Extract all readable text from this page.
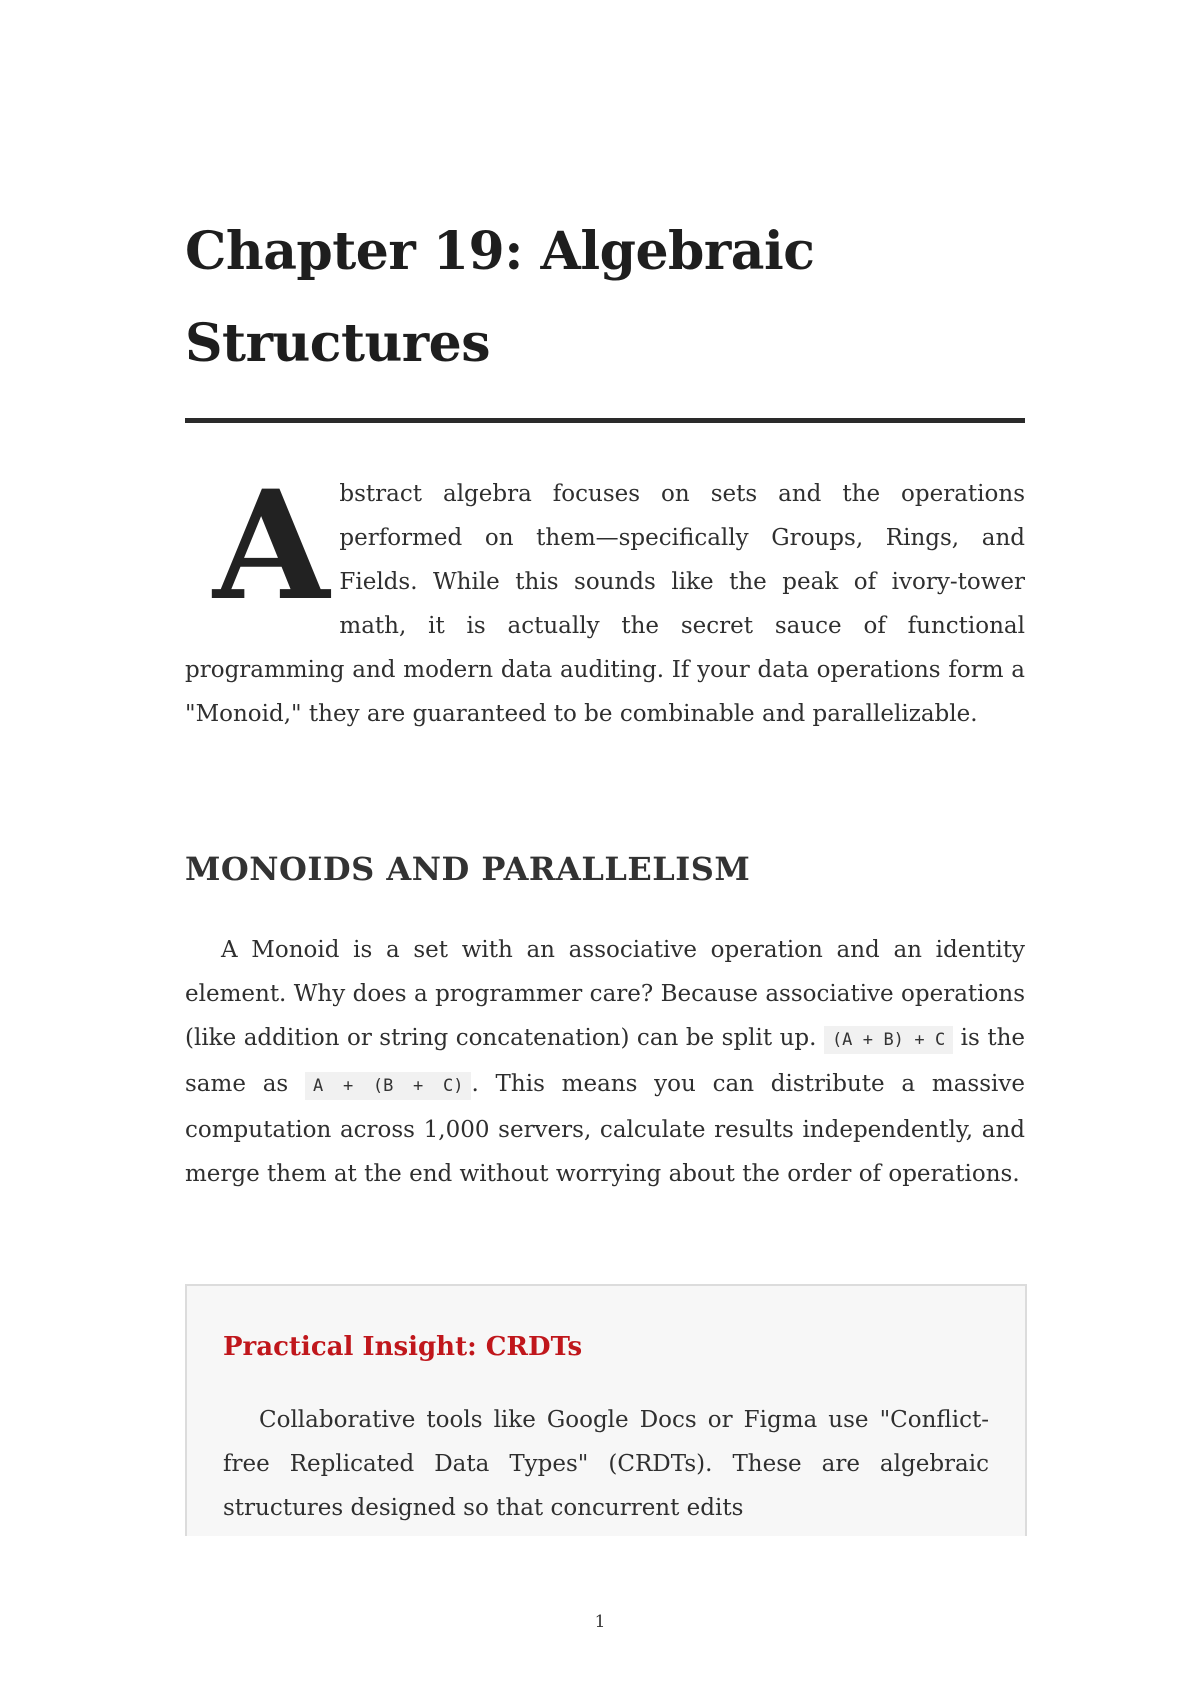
Chapter 19: Algebraic
Structures

Abstract algebra focuses on sets and the operations performed on them—specifically Groups, Rings, and Fields. While this sounds like the peak of ivory-tower math, it is actually the secret sauce of functional programming and modern data auditing. If your data operations form a "Monoid," they are guaranteed to be combinable and parallelizable.

MONOIDS AND PARALLELISM

A Monoid is a set with an associative operation and an identity element. Why does a programmer care? Because associative operations (like addition or string concatenation) can be split up. (A + B) + C is the same as A + (B + C) . This means you can distribute a massive computation across 1,000 servers, calculate results independently, and merge them at the end without worrying about the order of operations.

Practical Insight: CRDTs

Collaborative tools like Google Docs or Figma use "Conflict-free Replicated Data Types" (CRDTs). These are algebraic structures designed so that concurrent edits

1
